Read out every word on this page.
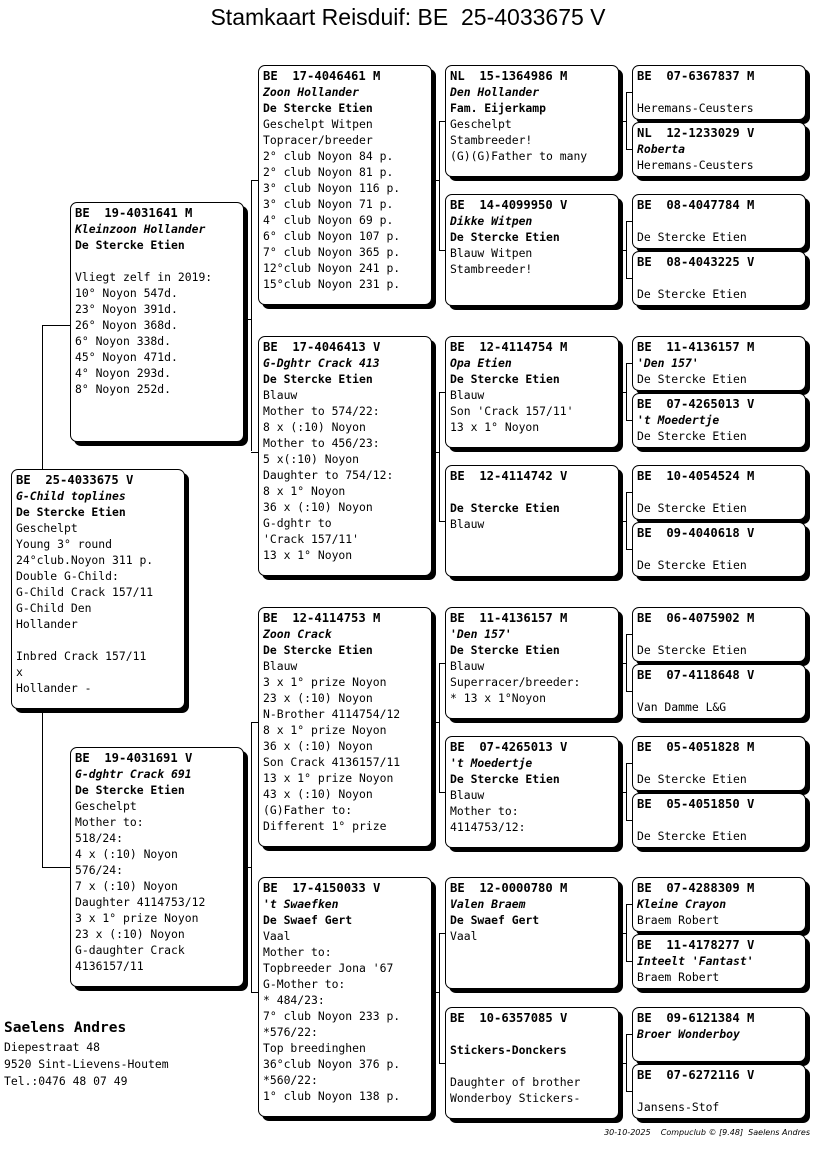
Stamkaart Reisduif: BE  25-4033675 V
BE  25-4033675 V
G-Child toplines
De Stercke Etien
Geschelpt
Young 3° round
24°club.Noyon 311 p.
Double G-Child:
G-Child Crack 157/11
G-Child Den
Hollander
Inbred Crack 157/11
x
Hollander -
BE  19-4031641 M
Kleinzoon Hollander
De Stercke Etien
Vliegt zelf in 2019:
10° Noyon 547d.
23° Noyon 391d.
26° Noyon 368d.
6° Noyon 338d.
45° Noyon 471d.
4° Noyon 293d.
8° Noyon 252d.
BE  19-4031691 V
G-dghtr Crack 691
De Stercke Etien
Geschelpt
Mother to:
518/24:
4 x (:10) Noyon
576/24:
7 x (:10) Noyon
Daughter 4114753/12
3 x 1° prize Noyon
23 x (:10) Noyon
G-daughter Crack
4136157/11
BE  17-4046461 M
Zoon Hollander
De Stercke Etien
Geschelpt Witpen
Topracer/breeder
2° club Noyon 84 p.
2° club Noyon 81 p.
3° club Noyon 116 p.
3° club Noyon 71 p.
4° club Noyon 69 p.
6° club Noyon 107 p.
7° club Noyon 365 p.
12°club Noyon 241 p.
15°club Noyon 231 p.
BE  17-4046413 V
G-Dghtr Crack 413
De Stercke Etien
Blauw
Mother to 574/22:
8 x (:10) Noyon
Mother to 456/23:
5 x(:10) Noyon
Daughter to 754/12:
8 x 1° Noyon
36 x (:10) Noyon
G-dghtr to
'Crack 157/11'
13 x 1° Noyon
BE  12-4114753 M
Zoon Crack
De Stercke Etien
Blauw
3 x 1° prize Noyon
23 x (:10) Noyon
N-Brother 4114754/12
8 x 1° prize Noyon
36 x (:10) Noyon
Son Crack 4136157/11
13 x 1° prize Noyon
43 x (:10) Noyon
(G)Father to:
Different 1° prize
BE  17-4150033 V
't Swaefken
De Swaef Gert
Vaal
Mother to:
Topbreeder Jona '67
G-Mother to:
* 484/23:
7° club Noyon 233 p.
*576/22:
Top breedinghen
36°club Noyon 376 p.
*560/22:
1° club Noyon 138 p.
NL  15-1364986 M
Den Hollander
Fam. Eijerkamp
Geschelpt
Stambreeder!
(G)(G)Father to many
BE  14-4099950 V
Dikke Witpen
De Stercke Etien
Blauw Witpen
Stambreeder!
BE  12-4114754 M
Opa Etien
De Stercke Etien
Blauw
Son 'Crack 157/11'
13 x 1° Noyon
BE  12-4114742 V
De Stercke Etien
Blauw
BE  11-4136157 M
'Den 157'
De Stercke Etien
Blauw
Superracer/breeder:
* 13 x 1°Noyon
BE  07-4265013 V
't Moedertje
De Stercke Etien
Blauw
Mother to:
4114753/12:
BE  12-0000780 M
Valen Braem
De Swaef Gert
Vaal
BE  10-6357085 V
Stickers-Donckers
Daughter of brother
Wonderboy Stickers-
BE  07-6367837 M
Heremans-Ceusters
NL  12-1233029 V
Roberta
Heremans-Ceusters
BE  08-4047784 M
De Stercke Etien
BE  08-4043225 V
De Stercke Etien
BE  11-4136157 M
'Den 157'
De Stercke Etien
BE  07-4265013 V
't Moedertje
De Stercke Etien
BE  10-4054524 M
De Stercke Etien
BE  09-4040618 V
De Stercke Etien
BE  06-4075902 M
De Stercke Etien
BE  07-4118648 V
Van Damme L&G
BE  05-4051828 M
De Stercke Etien
BE  05-4051850 V
De Stercke Etien
BE  07-4288309 M
Kleine Crayon
Braem Robert
BE  11-4178277 V
Inteelt 'Fantast'
Braem Robert
BE  09-6121384 M
Broer Wonderboy
BE  07-6272116 V
Jansens-Stof
Saelens Andres
Diepestraat 48
9520 Sint-Lievens-Houtem
Tel.:0476 48 07 49
30-10-2025    Compuclub © [9.48]  Saelens Andres
